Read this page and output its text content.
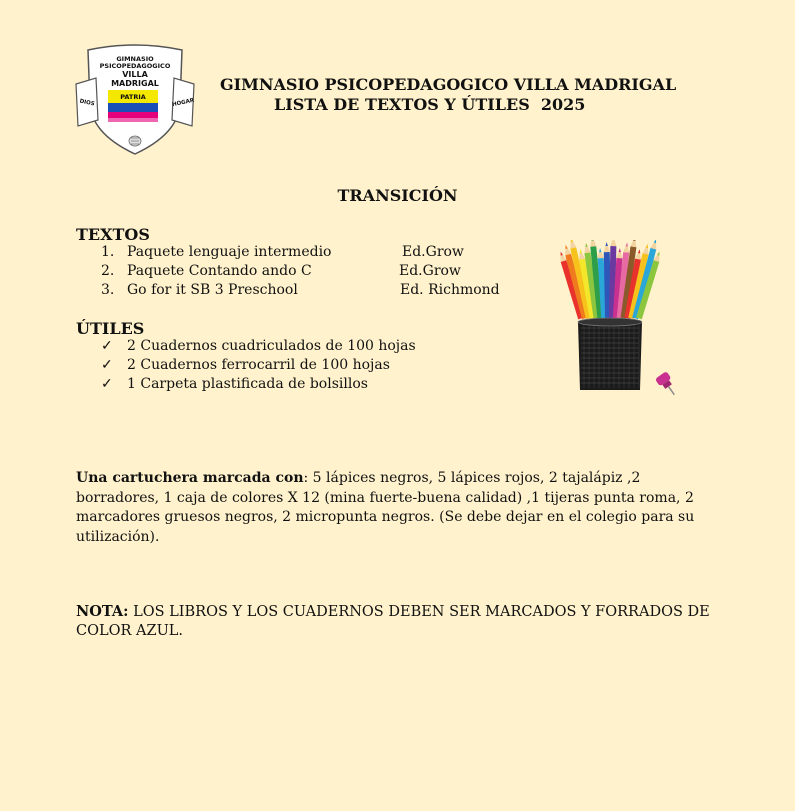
GIMNASIO
PSICOPEDAGOGICO
VILLA
MADRIGAL
PATRIA
DIOS	HOGAR
GIMNASIO PSICOPEDAGOGICO VILLA MADRIGAL
LISTA DE TEXTOS Y ÚTILES  2025
TRANSICIÓN
TEXTOS
1. Paquete lenguaje intermedio	Ed.Grow
2. Paquete Contando ando C	Ed.Grow
3. Go for it SB 3 Preschool	Ed. Richmond
ÚTILES
✓ 2 Cuadernos cuadriculados de 100 hojas
✓ 2 Cuadernos ferrocarril de 100 hojas
✓ 1 Carpeta plastificada de bolsillos
Una cartuchera marcada con: 5 lápices negros, 5 lápices rojos, 2 tajalápiz ,2 borradores, 1 caja de colores X 12 (mina fuerte-buena calidad) ,1 tijeras punta roma, 2 marcadores gruesos negros, 2 micropunta negros. (Se debe dejar en el colegio para su utilización).
NOTA: LOS LIBROS Y LOS CUADERNOS DEBEN SER MARCADOS Y FORRADOS DE COLOR AZUL.
